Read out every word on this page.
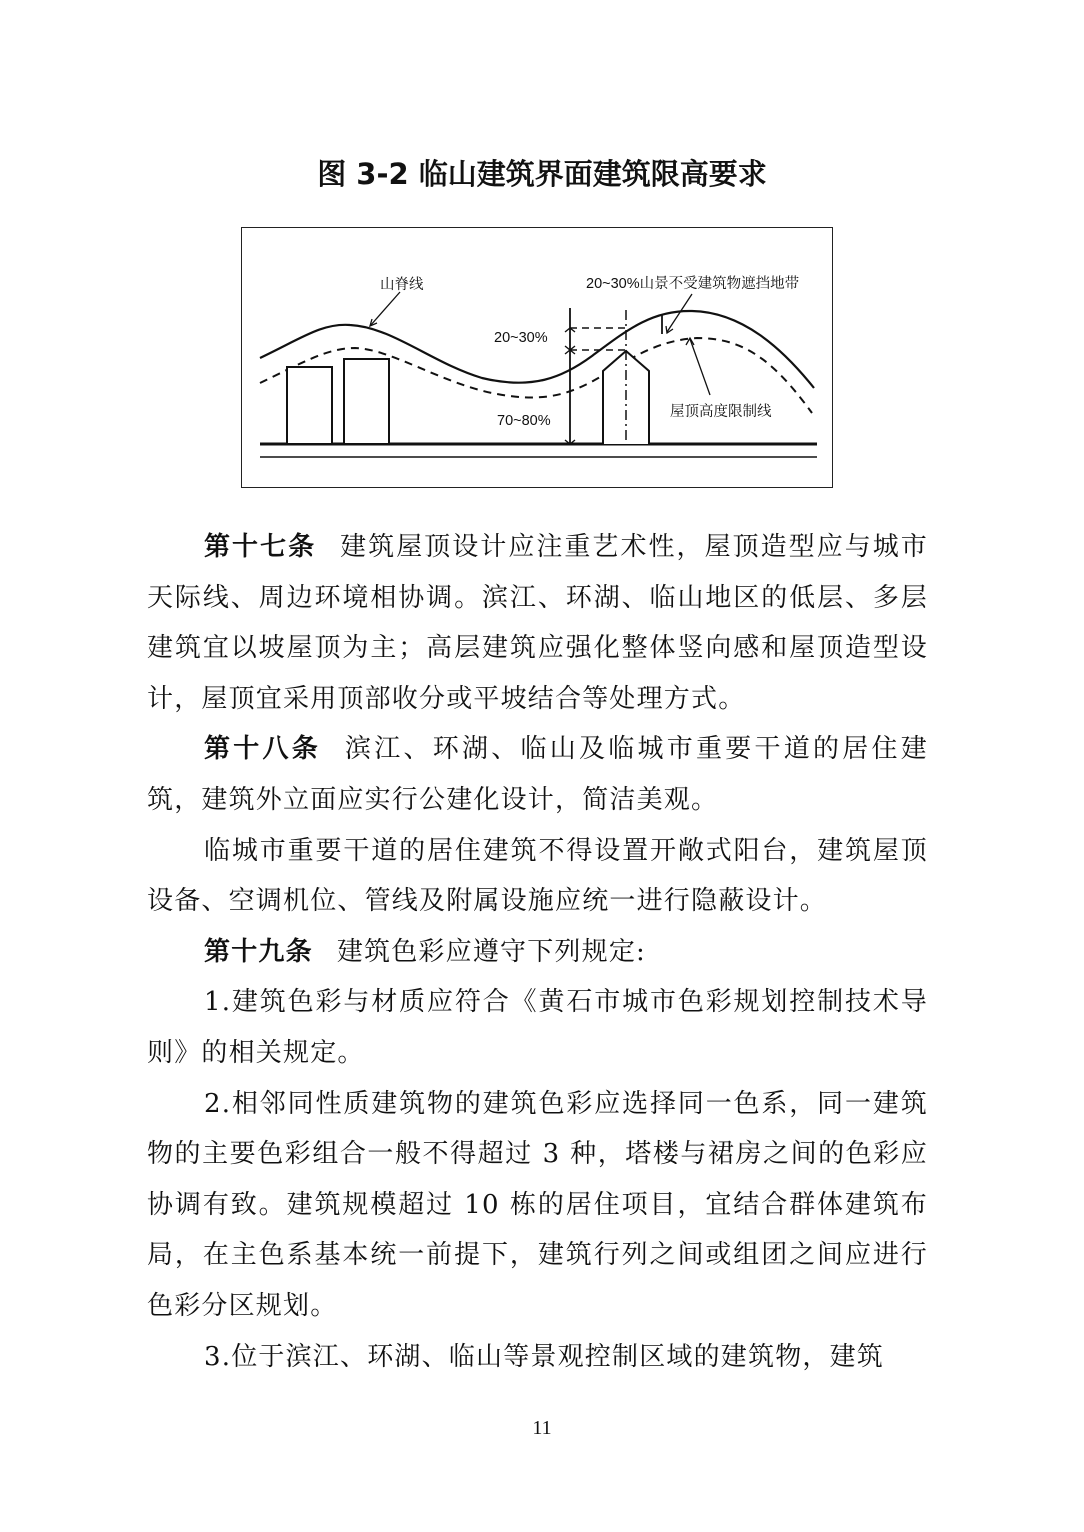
图 3-2 临山建筑界面建筑限高要求
山脊线	20~30%山景不受建筑物遮挡地带
20~30%
70~80%
屋顶高度限制线

第十七条 建筑屋顶设计应注重艺术性，屋顶造型应与城市天际线、周边环境相协调。滨江、环湖、临山地区的低层、多层建筑宜以坡屋顶为主；高层建筑应强化整体竖向感和屋顶造型设计，屋顶宜采用顶部收分或平坡结合等处理方式。

第十八条 滨江、环湖、临山及临城市重要干道的居住建筑，建筑外立面应实行公建化设计，简洁美观。

临城市重要干道的居住建筑不得设置开敞式阳台，建筑屋顶设备、空调机位、管线及附属设施应统一进行隐蔽设计。

第十九条 建筑色彩应遵守下列规定:

1.建筑色彩与材质应符合《黄石市城市色彩规划控制技术导则》的相关规定。

2.相邻同性质建筑物的建筑色彩应选择同一色系，同一建筑物的主要色彩组合一般不得超过 3 种，塔楼与裙房之间的色彩应协调有致。建筑规模超过 10 栋的居住项目，宜结合群体建筑布局，在主色系基本统一前提下，建筑行列之间或组团之间应进行色彩分区规划。

3.位于滨江、环湖、临山等景观控制区域的建筑物，建筑

11
